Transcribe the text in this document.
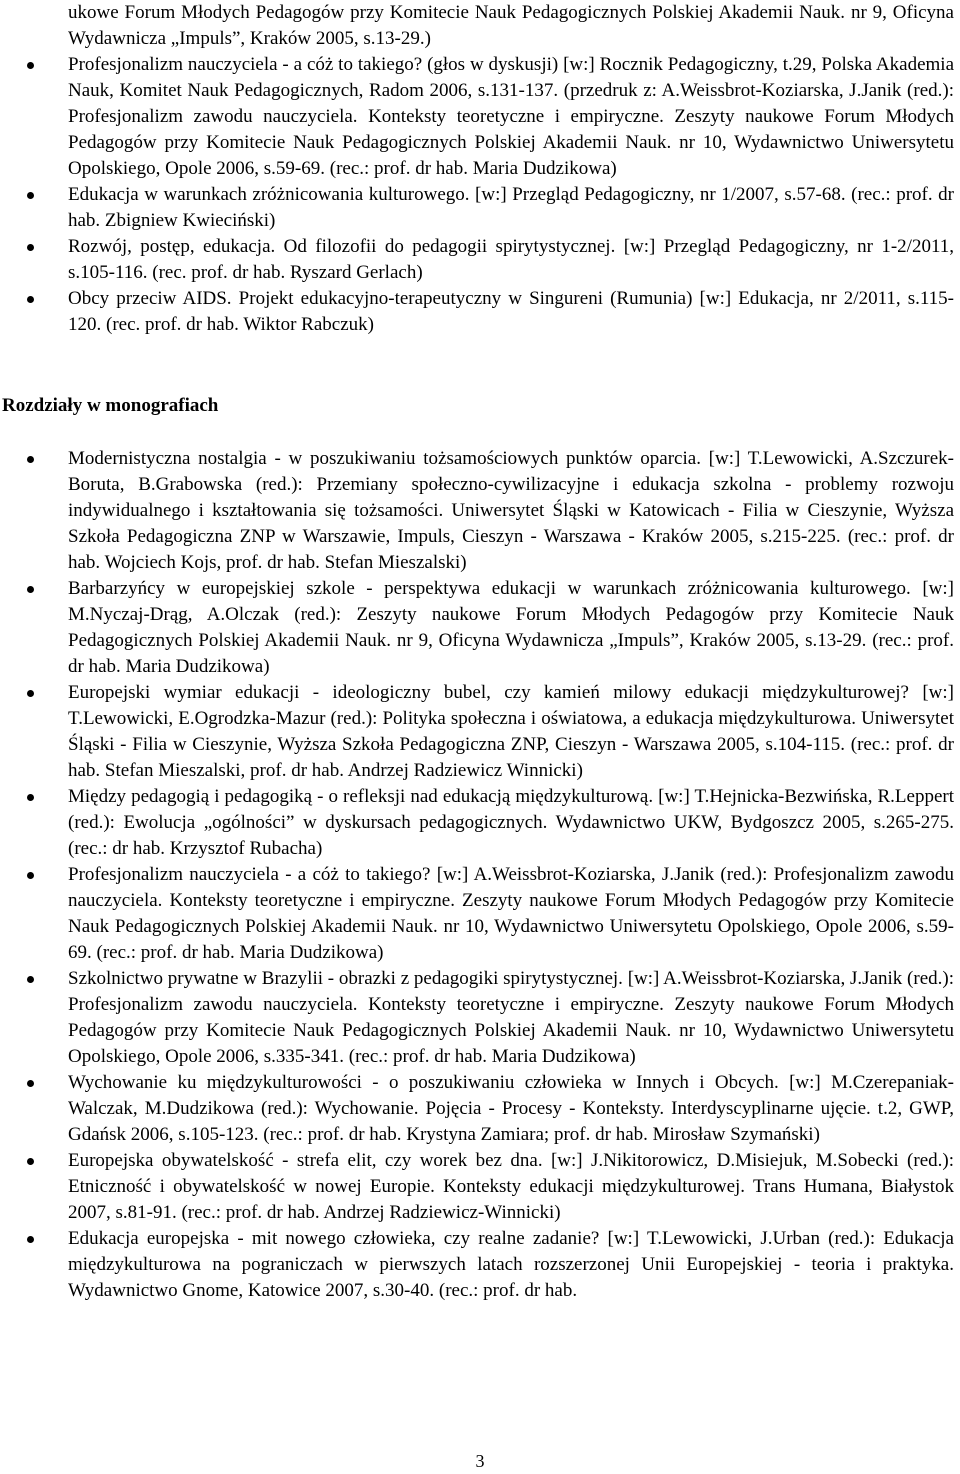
ukowe Forum Młodych Pedagogów przy Komitecie Nauk Pedagogicznych Polskiej Akademii Nauk. nr 9, Oficyna Wydawnicza „Impuls”, Kraków 2005, s.13-29.)
Profesjonalizm nauczyciela - a cóż to takiego? (głos w dyskusji) [w:] Rocznik Pedagogiczny, t.29, Polska Akademia Nauk, Komitet Nauk Pedagogicznych, Radom 2006, s.131-137. (przedruk z: A.Weissbrot-Koziarska, J.Janik (red.): Profesjonalizm zawodu nauczyciela. Konteksty teoretyczne i empiryczne. Zeszyty naukowe Forum Młodych Pedagogów przy Komitecie Nauk Pedagogicznych Polskiej Akademii Nauk. nr 10, Wydawnictwo Uniwersytetu Opolskiego, Opole 2006, s.59-69. (rec.: prof. dr hab. Maria Dudzikowa)
Edukacja w warunkach zróżnicowania kulturowego. [w:] Przegląd Pedagogiczny, nr 1/2007, s.57-68. (rec.: prof. dr hab. Zbigniew Kwieciński)
Rozwój, postęp, edukacja. Od filozofii do pedagogii spirytystycznej. [w:] Przegląd Pedagogiczny, nr 1-2/2011, s.105-116. (rec. prof. dr hab. Ryszard Gerlach)
Obcy przeciw AIDS. Projekt edukacyjno-terapeutyczny w Singureni (Rumunia) [w:] Edukacja, nr 2/2011, s.115-120. (rec. prof. dr hab. Wiktor Rabczuk)
Rozdziały w monografiach
Modernistyczna nostalgia - w poszukiwaniu tożsamościowych punktów oparcia. [w:] T.Lewowicki, A.Szczurek-Boruta, B.Grabowska (red.): Przemiany społeczno-cywilizacyjne i edukacja szkolna - problemy rozwoju indywidualnego i kształtowania się tożsamości. Uniwersytet Śląski w Katowicach - Filia w Cieszynie, Wyższa Szkoła Pedagogiczna ZNP w Warszawie, Impuls, Cieszyn - Warszawa - Kraków 2005, s.215-225. (rec.: prof. dr hab. Wojciech Kojs, prof. dr hab. Stefan Mieszalski)
Barbarzyńcy w europejskiej szkole - perspektywa edukacji w warunkach zróżnicowania kulturowego. [w:] M.Nyczaj-Drąg, A.Olczak (red.): Zeszyty naukowe Forum Młodych Pedagogów przy Komitecie Nauk Pedagogicznych Polskiej Akademii Nauk. nr 9, Oficyna Wydawnicza „Impuls”, Kraków 2005, s.13-29. (rec.: prof. dr hab. Maria Dudzikowa)
Europejski wymiar edukacji - ideologiczny bubel, czy kamień milowy edukacji międzykulturowej? [w:] T.Lewowicki, E.Ogrodzka-Mazur (red.): Polityka społeczna i oświatowa, a edukacja międzykulturowa. Uniwersytet Śląski - Filia w Cieszynie, Wyższa Szkoła Pedagogiczna ZNP, Cieszyn - Warszawa 2005, s.104-115. (rec.: prof. dr hab. Stefan Mieszalski, prof. dr hab. Andrzej Radziewicz Winnicki)
Między pedagogią i pedagogiką - o refleksji nad edukacją międzykulturową. [w:] T.Hejnicka-Bezwińska, R.Leppert (red.): Ewolucja „ogólności” w dyskursach pedagogicznych. Wydawnictwo UKW, Bydgoszcz 2005, s.265-275. (rec.: dr hab. Krzysztof Rubacha)
Profesjonalizm nauczyciela - a cóż to takiego? [w:] A.Weissbrot-Koziarska, J.Janik (red.): Profesjonalizm zawodu nauczyciela. Konteksty teoretyczne i empiryczne. Zeszyty naukowe Forum Młodych Pedagogów przy Komitecie Nauk Pedagogicznych Polskiej Akademii Nauk. nr 10, Wydawnictwo Uniwersytetu Opolskiego, Opole 2006, s.59-69. (rec.: prof. dr hab. Maria Dudzikowa)
Szkolnictwo prywatne w Brazylii - obrazki z pedagogiki spirytystycznej. [w:] A.Weissbrot-Koziarska, J.Janik (red.): Profesjonalizm zawodu nauczyciela. Konteksty teoretyczne i empiryczne. Zeszyty naukowe Forum Młodych Pedagogów przy Komitecie Nauk Pedagogicznych Polskiej Akademii Nauk. nr 10, Wydawnictwo Uniwersytetu Opolskiego, Opole 2006, s.335-341. (rec.: prof. dr hab. Maria Dudzikowa)
Wychowanie ku międzykulturowości - o poszukiwaniu człowieka w Innych i Obcych. [w:] M.Czerepaniak-Walczak, M.Dudzikowa (red.): Wychowanie. Pojęcia - Procesy - Konteksty. Interdyscyplinarne ujęcie. t.2, GWP, Gdańsk 2006, s.105-123. (rec.: prof. dr hab. Krystyna Zamiara; prof. dr hab. Mirosław Szymański)
Europejska obywatelskość - strefa elit, czy worek bez dna. [w:] J.Nikitorowicz, D.Misiejuk, M.Sobecki (red.): Etniczność i obywatelskość w nowej Europie. Konteksty edukacji międzykulturowej. Trans Humana, Białystok 2007, s.81-91. (rec.: prof. dr hab. Andrzej Radziewicz-Winnicki)
Edukacja europejska - mit nowego człowieka, czy realne zadanie? [w:] T.Lewowicki, J.Urban (red.): Edukacja międzykulturowa na pograniczach w pierwszych latach rozszerzonej Unii Europejskiej - teoria i praktyka. Wydawnictwo Gnome, Katowice 2007, s.30-40. (rec.: prof. dr hab.
3
